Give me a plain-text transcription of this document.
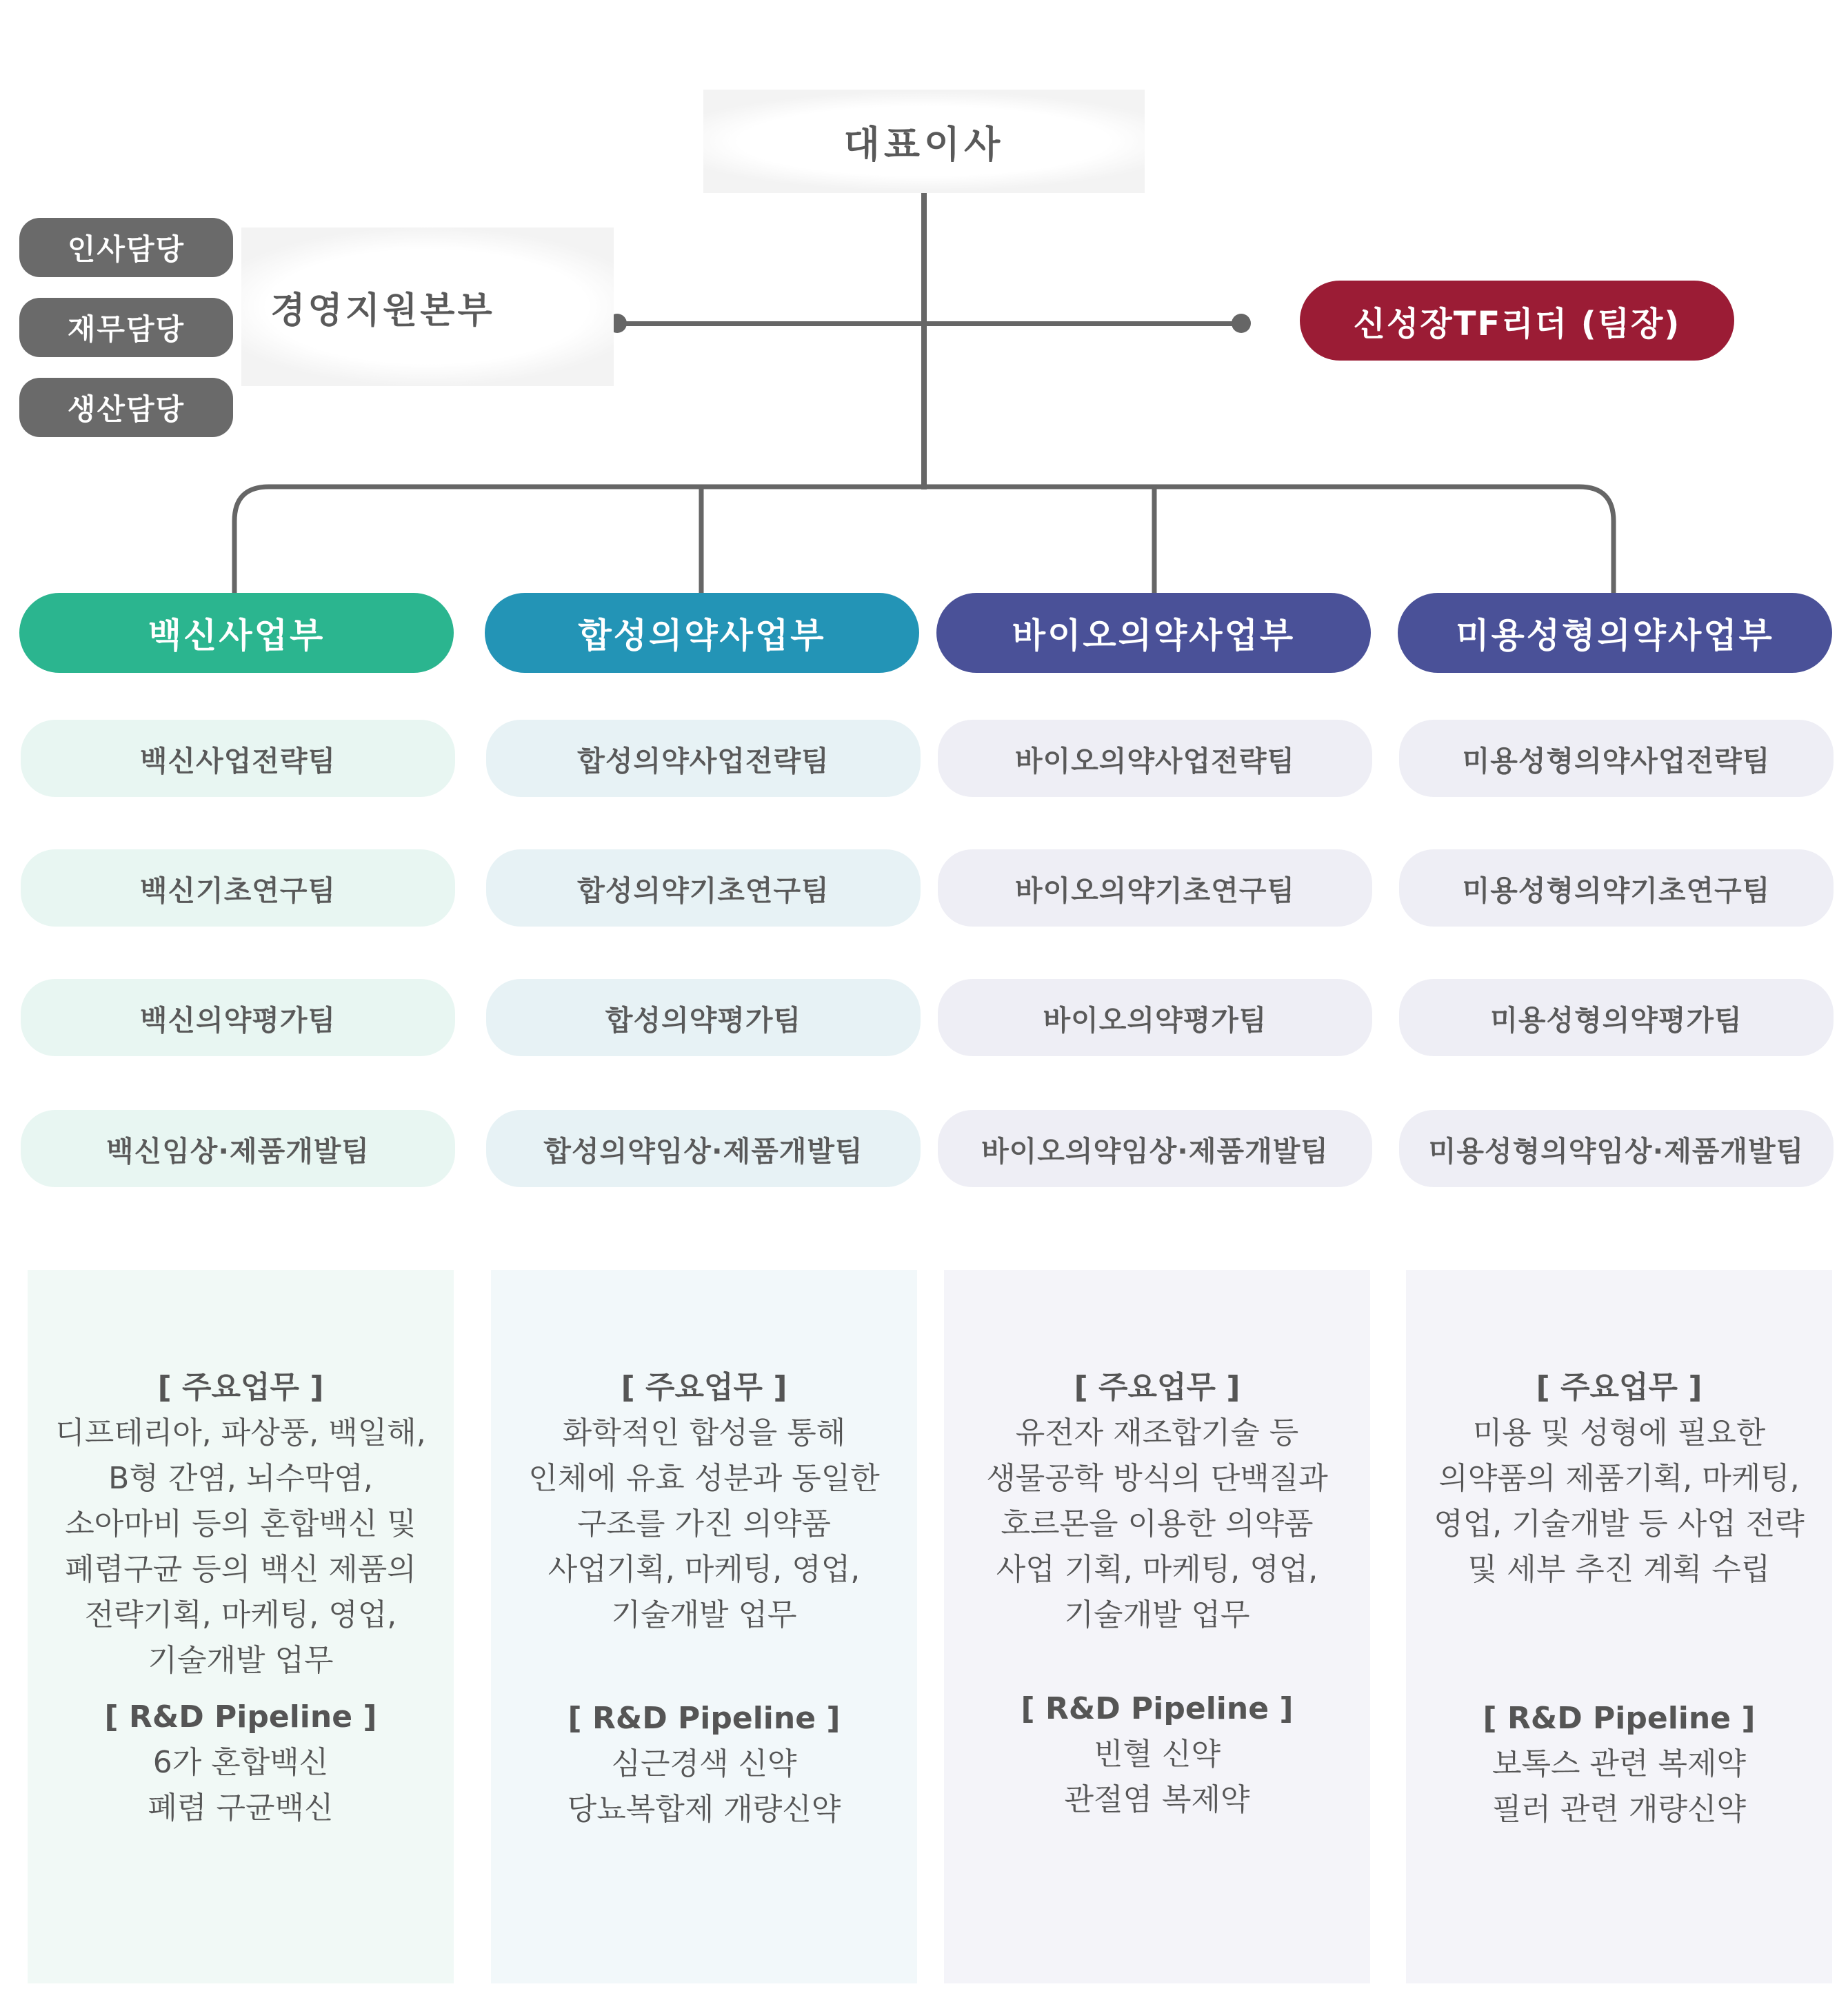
대표이사
경영지원본부
인사담당
재무담당
생산담당
신성장TF리더 (팀장)
백신사업부	합성의약사업부	바이오의약사업부	미용성형의약사업부
백신사업전략팀
백신기초연구팀
백신의약평가팀
백신임상·제품개발팀
합성의약사업전략팀
합성의약기초연구팀
합성의약평가팀
합성의약임상·제품개발팀
바이오의약사업전략팀
바이오의약기초연구팀
바이오의약평가팀
바이오의약임상·제품개발팀
미용성형의약사업전략팀
미용성형의약기초연구팀
미용성형의약평가팀
미용성형의약임상·제품개발팀
[ 주요업무 ]
디프테리아, 파상풍, 백일해,
B형 간염, 뇌수막염,
소아마비 등의 혼합백신 및
폐렴구균 등의 백신 제품의
전략기획, 마케팅, 영업,
기술개발 업무
[ R&D Pipeline ]
6가 혼합백신
폐렴 구균백신
[ 주요업무 ]
화학적인 합성을 통해
인체에 유효 성분과 동일한
구조를 가진 의약품
사업기획, 마케팅, 영업,
기술개발 업무
[ R&D Pipeline ]
심근경색 신약
당뇨복합제 개량신약
[ 주요업무 ]
유전자 재조합기술 등
생물공학 방식의 단백질과
호르몬을 이용한 의약품
사업 기획, 마케팅, 영업,
기술개발 업무
[ R&D Pipeline ]
빈혈 신약
관절염 복제약
[ 주요업무 ]
미용 및 성형에 필요한
의약품의 제품기획, 마케팅,
영업, 기술개발 등 사업 전략
및 세부 추진 계획 수립
[ R&D Pipeline ]
보톡스 관련 복제약
필러 관련 개량신약
